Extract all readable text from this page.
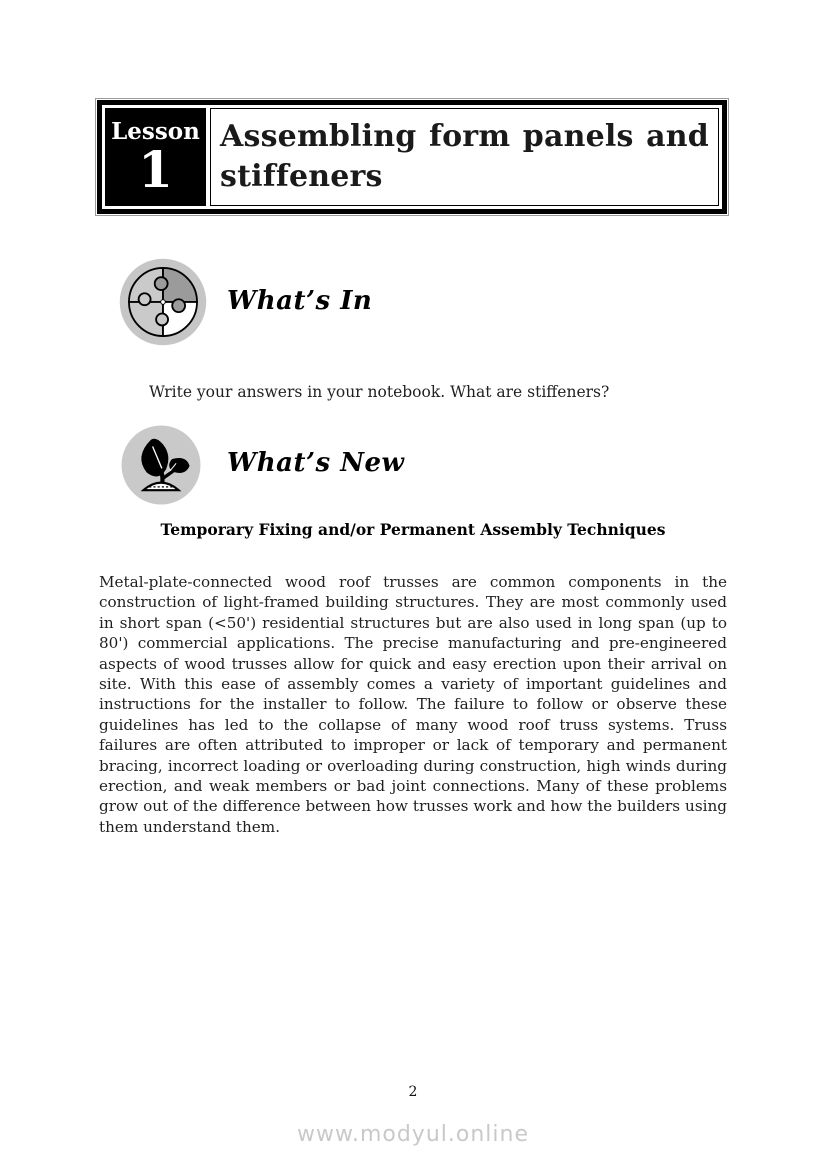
Lesson
1
Assembling form panels and stiffeners
What’s In
Write your answers in your notebook. What are stiffeners?
What’s New
Temporary Fixing and/or Permanent Assembly Techniques
Metal-plate-connected wood roof trusses are common components in the construction of light-framed building structures. They are most commonly used in short span (<50') residential structures but are also used in long span (up to 80') commercial applications. The precise manufacturing and pre-engineered aspects of wood trusses allow for quick and easy erection upon their arrival on site. With this ease of assembly comes a variety of important guidelines and instructions for the installer to follow. The failure to follow or observe these guidelines has led to the collapse of many wood roof truss systems. Truss failures are often attributed to improper or lack of temporary and permanent bracing, incorrect loading or overloading during construction, high winds during erection, and weak members or bad joint connections. Many of these problems grow out of the difference between how trusses work and how the builders using them understand them.
2
www.modyul.online
